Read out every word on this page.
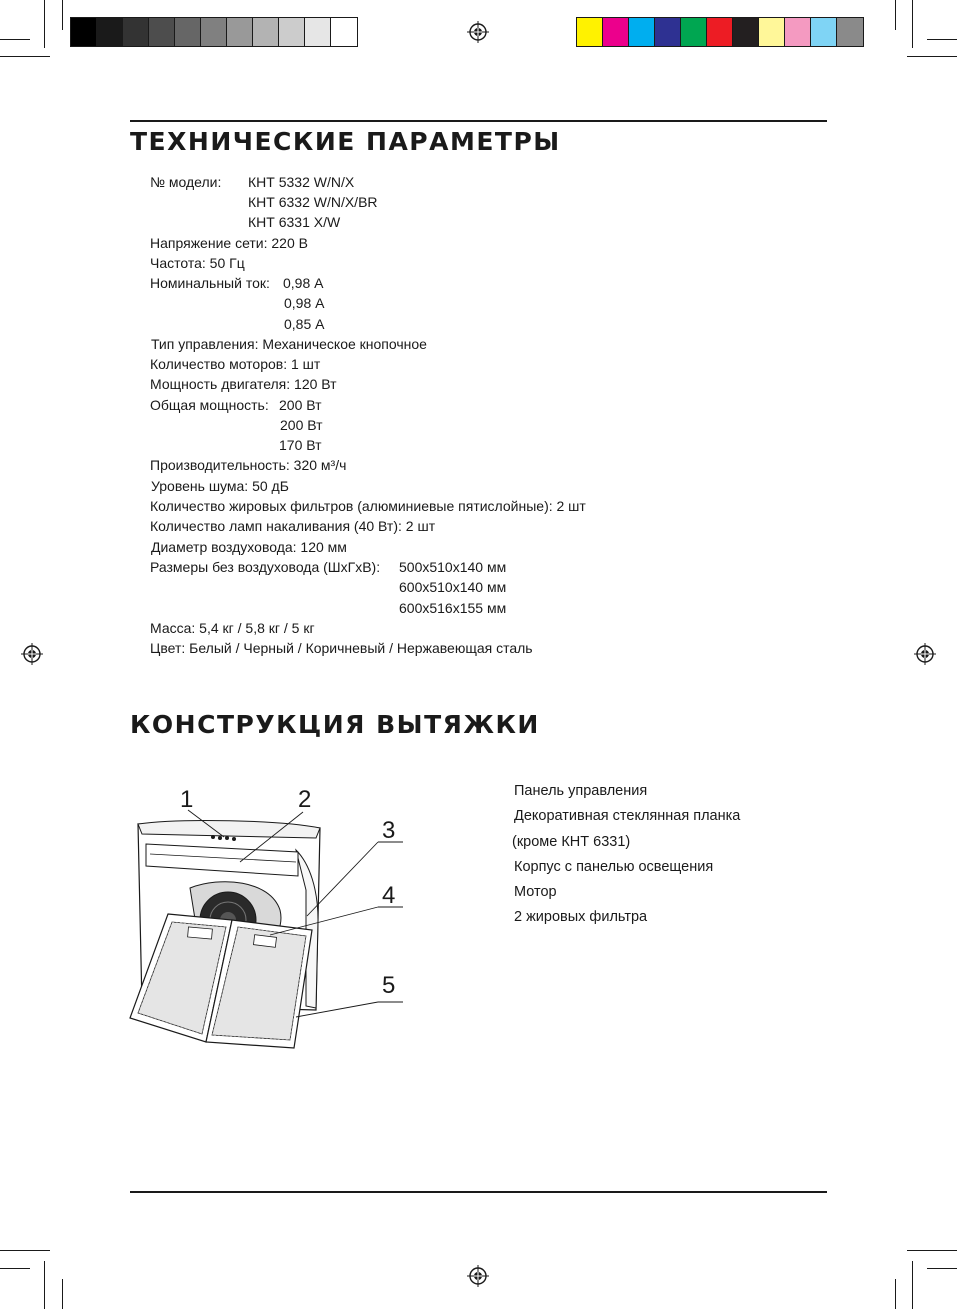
ТЕХНИЧЕСКИЕ ПАРАМЕТРЫ
№ модели: КНТ 5332 W/N/X
КНТ 6332 W/N/X/BR
КНТ 6331 X/W
Напряжение сети: 220 В
Частота: 50 Гц
Номинальный ток: 0,98 А
0,98 А
0,85 А
Тип управления: Механическое кнопочное
Количество моторов: 1 шт
Мощность двигателя: 120 Вт
Общая мощность: 200 Вт
200 Вт
170 Вт
Производительность: 320 м³/ч
Уровень шума: 50 дБ
Количество жировых фильтров (алюминиевые пятислойные): 2 шт
Количество ламп накаливания (40 Вт): 2 шт
Диаметр воздуховода: 120 мм
Размеры без воздуховода (ШхГхВ): 500х510х140 мм
600х510х140 мм
600х516х155 мм
Масса: 5,4 кг / 5,8 кг / 5 кг
Цвет: Белый / Черный / Коричневый / Нержавеющая сталь
КОНСТРУКЦИЯ ВЫТЯЖКИ
1	2
3
4
5
Панель управления
Декоративная стеклянная планка
(кроме КНТ 6331)
Корпус с панелью освещения
Мотор
2 жировых фильтра
